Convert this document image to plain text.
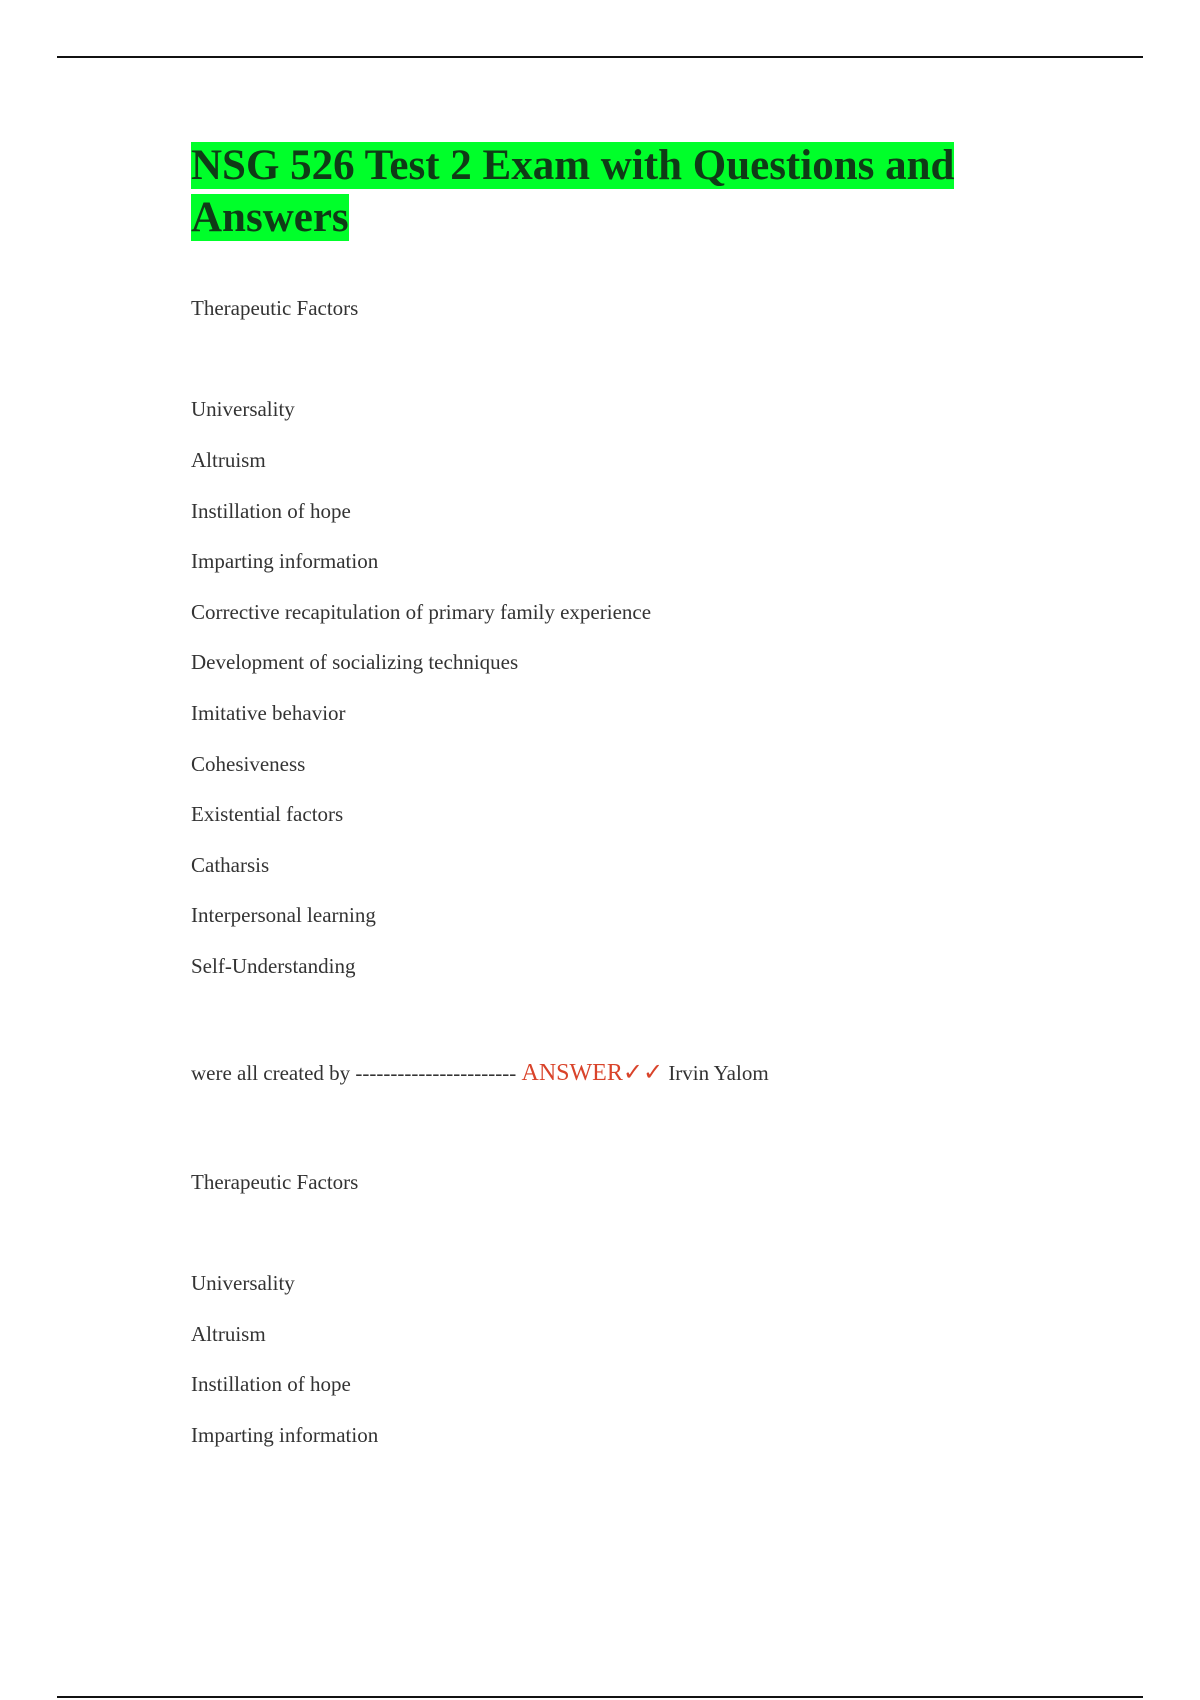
NSG 526 Test 2 Exam with Questions and Answers
Therapeutic Factors
Universality
Altruism
Instillation of hope
Imparting information
Corrective recapitulation of primary family experience
Development of socializing techniques
Imitative behavior
Cohesiveness
Existential factors
Catharsis
Interpersonal learning
Self-Understanding
were all created by ----------------------- ANSWER✓✓ Irvin Yalom
Therapeutic Factors
Universality
Altruism
Instillation of hope
Imparting information
